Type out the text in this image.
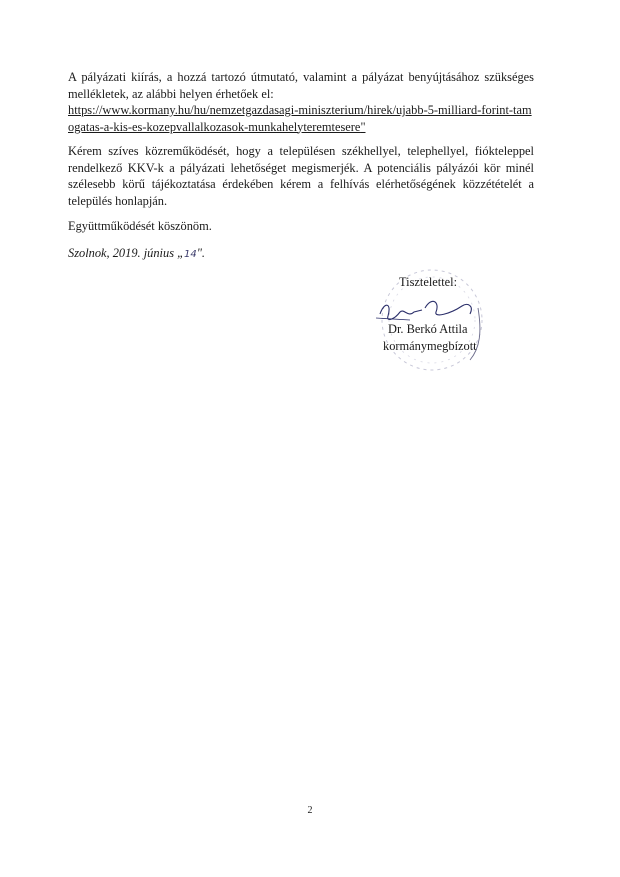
A pályázati kiírás, a hozzá tartozó útmutató, valamint a pályázat benyújtásához szükséges mellékletek, az alábbi helyen érhetőek el:
https://www.kormany.hu/hu/nemzetgazdasagi-miniszterium/hirek/ujabb-5-milliard-forint-tamogatas-a-kis-es-kozepvallalkozasok-munkahelyteremtesere"
Kérem szíves közreműködését, hogy a településen székhellyel, telephellyel, fiókteleppel rendelkező KKV-k a pályázati lehetőséget megismerjék. A potenciális pályázói kör minél szélesebb körű tájékoztatása érdekében kérem a felhívás elérhetőségének közzétételét a település honlapján.
Együttműködését köszönöm.
Szolnok, 2019. június „14".
Tisztelettel:
Dr. Berkó Attila
kormánymegbízott
2
